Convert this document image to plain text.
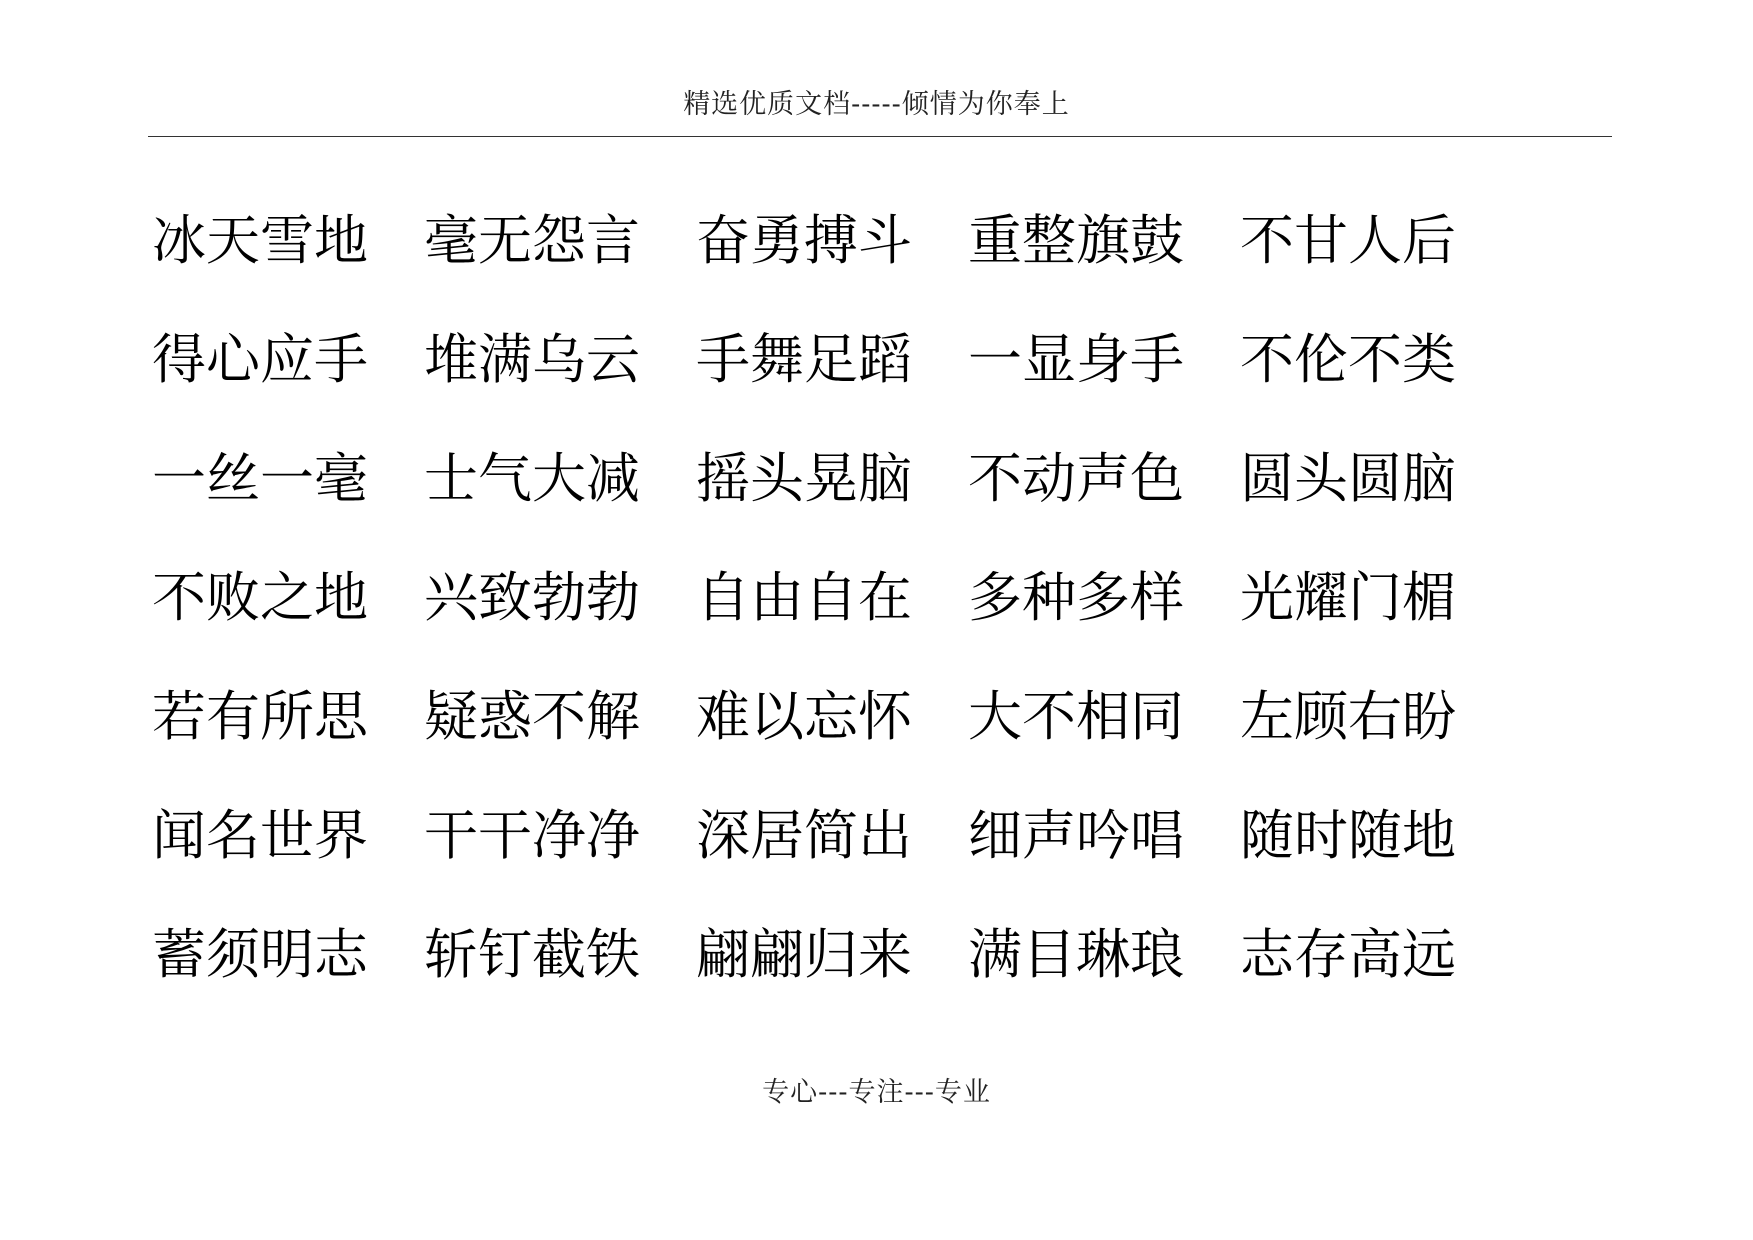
精选优质文档-----倾情为你奉上
冰天雪地	毫无怨言	奋勇搏斗	重整旗鼓	不甘人后
得心应手	堆满乌云	手舞足蹈	一显身手	不伦不类
一丝一毫	士气大减	摇头晃脑	不动声色	圆头圆脑
不败之地	兴致勃勃	自由自在	多种多样	光耀门楣
若有所思	疑惑不解	难以忘怀	大不相同	左顾右盼
闻名世界	干干净净	深居简出	细声吟唱	随时随地
蓄须明志	斩钉截铁	翩翩归来	满目琳琅	志存高远
专心---专注---专业
